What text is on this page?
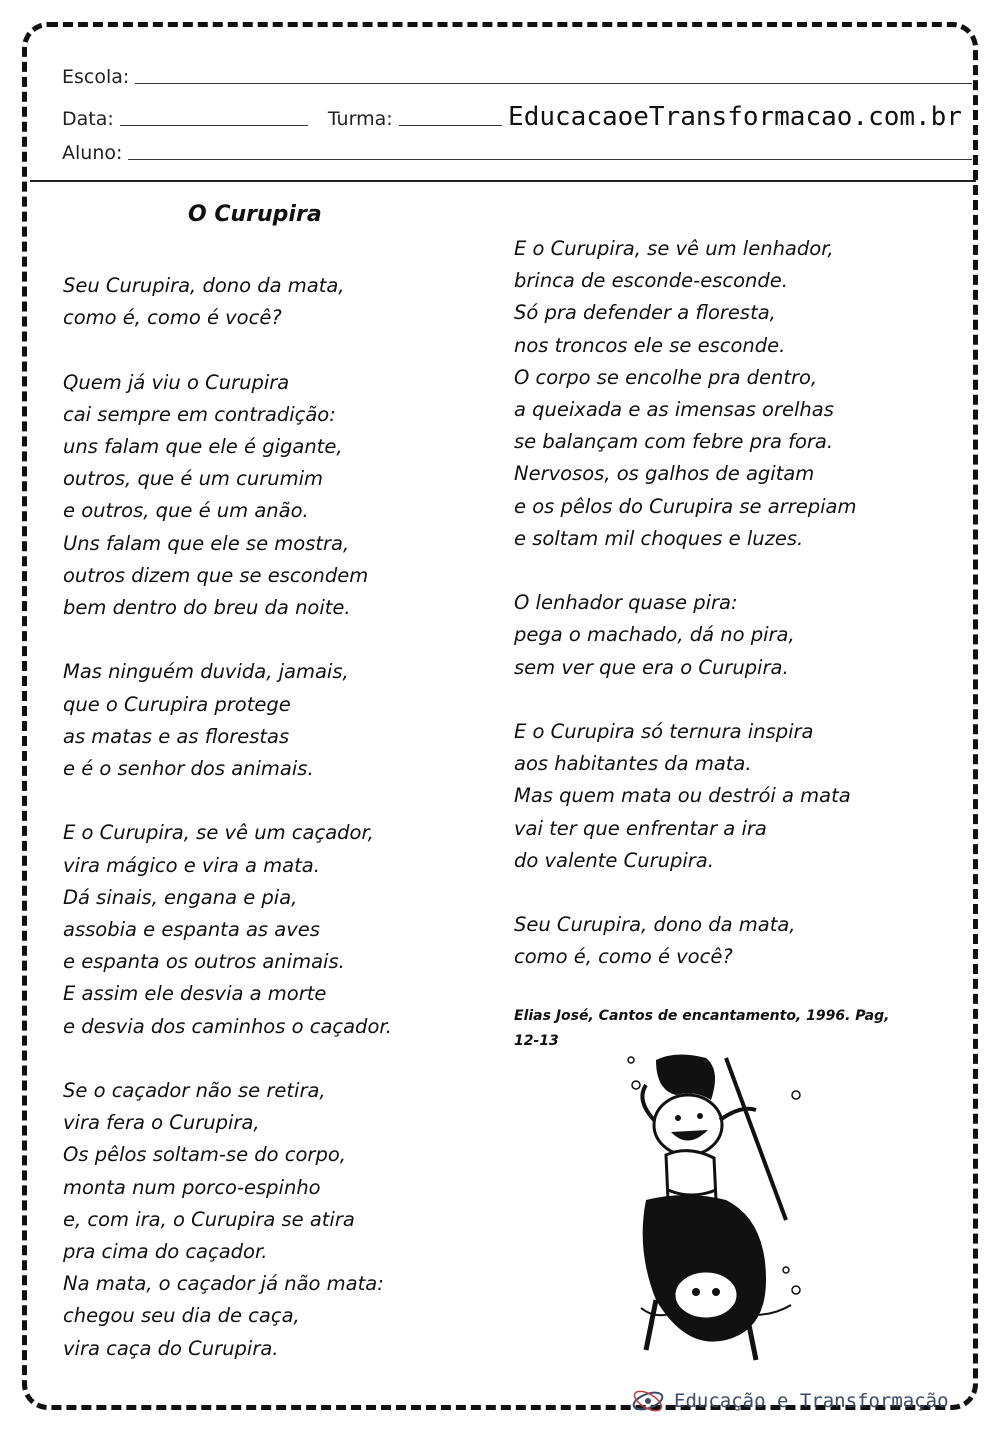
Escola:
Data:	Turma:	EducacaoeTransformacao.com.br
Aluno:
O Curupira
Seu Curupira, dono da mata,
como é, como é você?
Quem já viu o Curupira
cai sempre em contradição:
uns falam que ele é gigante,
outros, que é um curumim
e outros, que é um anão.
Uns falam que ele se mostra,
outros dizem que se escondem
bem dentro do breu da noite.
Mas ninguém duvida, jamais,
que o Curupira protege
as matas e as florestas
e é o senhor dos animais.
E o Curupira, se vê um caçador,
vira mágico e vira a mata.
Dá sinais, engana e pia,
assobia e espanta as aves
e espanta os outros animais.
E assim ele desvia a morte
e desvia dos caminhos o caçador.
Se o caçador não se retira,
vira fera o Curupira,
Os pêlos soltam-se do corpo,
monta num porco-espinho
e, com ira, o Curupira se atira
pra cima do caçador.
Na mata, o caçador já não mata:
chegou seu dia de caça,
vira caça do Curupira.
E o Curupira, se vê um lenhador,
brinca de esconde-esconde.
Só pra defender a floresta,
nos troncos ele se esconde.
O corpo se encolhe pra dentro,
a queixada e as imensas orelhas
se balançam com febre pra fora.
Nervosos, os galhos de agitam
e os pêlos do Curupira se arrepiam
e soltam mil choques e luzes.
O lenhador quase pira:
pega o machado, dá no pira,
sem ver que era o Curupira.
E o Curupira só ternura inspira
aos habitantes da mata.
Mas quem mata ou destrói a mata
vai ter que enfrentar a ira
do valente Curupira.
Seu Curupira, dono da mata,
como é, como é você?
Elias José, Cantos de encantamento, 1996. Pag, 12-13
Educação e Transformação
